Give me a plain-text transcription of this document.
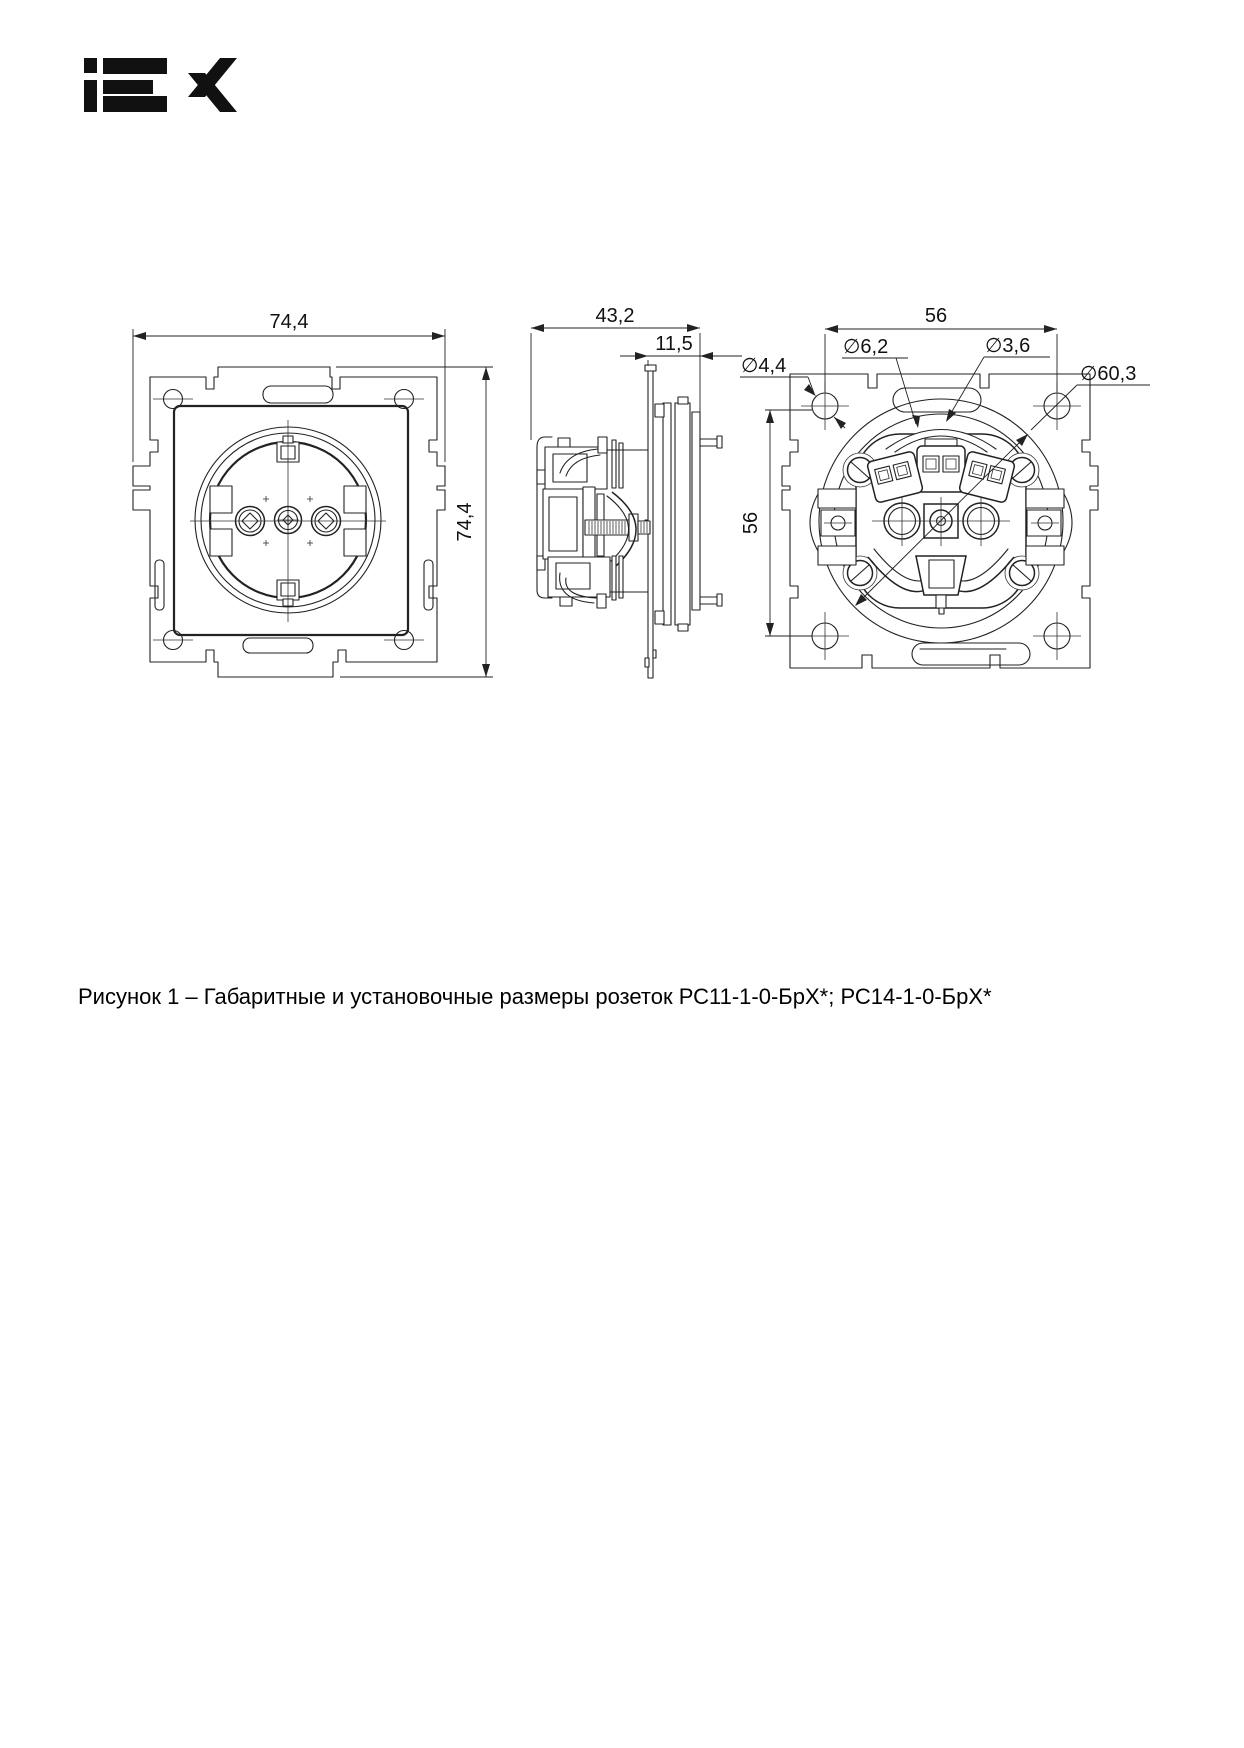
74,4
74,4
43,2
11,5
56
56
∅4,4
∅6,2	∅3,6
∅60,3
Рисунок 1 – Габаритные и установочные размеры розеток РС11-1-0-БрХ*; РС14-1-0-БрХ*
